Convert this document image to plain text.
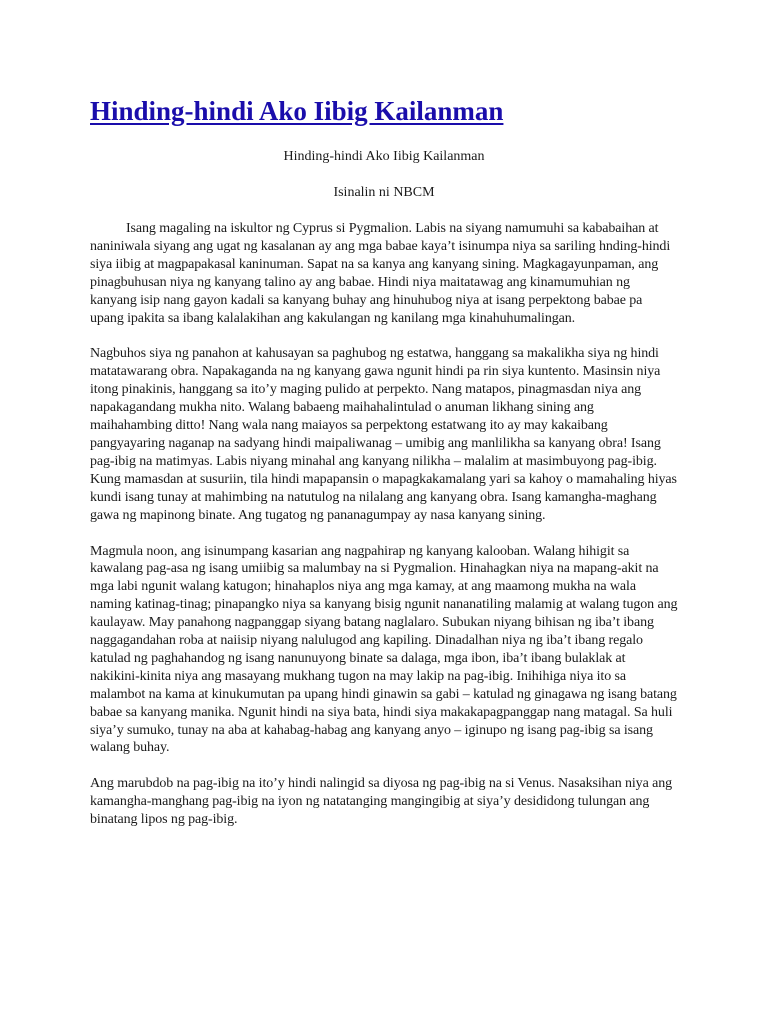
Hinding-hindi Ako Iibig Kailanman

Hinding-hindi Ako Iibig Kailanman

Isinalin ni NBCM

Isang magaling na iskultor ng Cyprus si Pygmalion. Labis na siyang namumuhi sa kababaihan at naniniwala siyang ang ugat ng kasalanan ay ang mga babae kaya’t isinumpa niya sa sariling hnding-hindi siya iibig at magpapakasal kaninuman. Sapat na sa kanya ang kanyang sining. Magkagayunpaman, ang pinagbuhusan niya ng kanyang talino ay ang babae. Hindi niya maitatawag ang kinamumuhian ng kanyang isip nang gayon kadali sa kanyang buhay ang hinuhubog niya at isang perpektong babae pa upang ipakita sa ibang kalalakihan ang kakulangan ng kanilang mga kinahuhumalingan.

Nagbuhos siya ng panahon at kahusayan sa paghubog ng estatwa, hanggang sa makalikha siya ng hindi matatawarang obra. Napakaganda na ng kanyang gawa ngunit hindi pa rin siya kuntento. Masinsin niya itong pinakinis, hanggang sa ito’y maging pulido at perpekto. Nang matapos, pinagmasdan niya ang napakagandang mukha nito. Walang babaeng maihahalintulad o anuman likhang sining ang maihahambing ditto! Nang wala nang maiayos sa perpektong estatwang ito ay may kakaibang pangyayaring naganap na sadyang hindi maipaliwanag – umibig ang manlilikha sa kanyang obra! Isang pag-ibig na matimyas. Labis niyang minahal ang kanyang nilikha – malalim at masimbuyong pag-ibig. Kung mamasdan at susuriin, tila hindi mapapansin o mapagkakamalang yari sa kahoy o mamahaling hiyas kundi isang tunay at mahimbing na natutulog na nilalang ang kanyang obra. Isang kamangha-maghang gawa ng mapinong binate. Ang tugatog ng pananagumpay ay nasa kanyang sining.

Magmula noon, ang isinumpang kasarian ang nagpahirap ng kanyang kalooban. Walang hihigit sa kawalang pag-asa ng isang umiibig sa malumbay na si Pygmalion. Hinahagkan niya na mapang-akit na mga labi ngunit walang katugon; hinahaplos niya ang mga kamay, at ang maamong mukha na wala naming katinag-tinag; pinapangko niya sa kanyang bisig ngunit nananatiling malamig at walang tugon ang kaulayaw. May panahong nagpanggap siyang batang naglalaro. Subukan niyang bihisan ng iba’t ibang naggagandahan roba at naiisip niyang nalulugod ang kapiling. Dinadalhan niya ng iba’t ibang regalo katulad ng paghahandog ng isang nanunuyong binate sa dalaga, mga ibon, iba’t ibang bulaklak at nakikini-kinita niya ang masayang mukhang tugon na may lakip na pag-ibig. Inihihiga niya ito sa malambot na kama at kinukumutan pa upang hindi ginawin sa gabi – katulad ng ginagawa ng isang batang babae sa kanyang manika. Ngunit hindi na siya bata, hindi siya makakapagpanggap nang matagal. Sa huli siya’y sumuko, tunay na aba at kahabag-habag ang kanyang anyo – iginupo ng isang pag-ibig sa isang walang buhay.

Ang marubdob na pag-ibig na ito’y hindi nalingid sa diyosa ng pag-ibig na si Venus. Nasaksihan niya ang kamangha-manghang pag-ibig na iyon ng natatanging mangingibig at siya’y desididong tulungan ang binatang lipos ng pag-ibig.
